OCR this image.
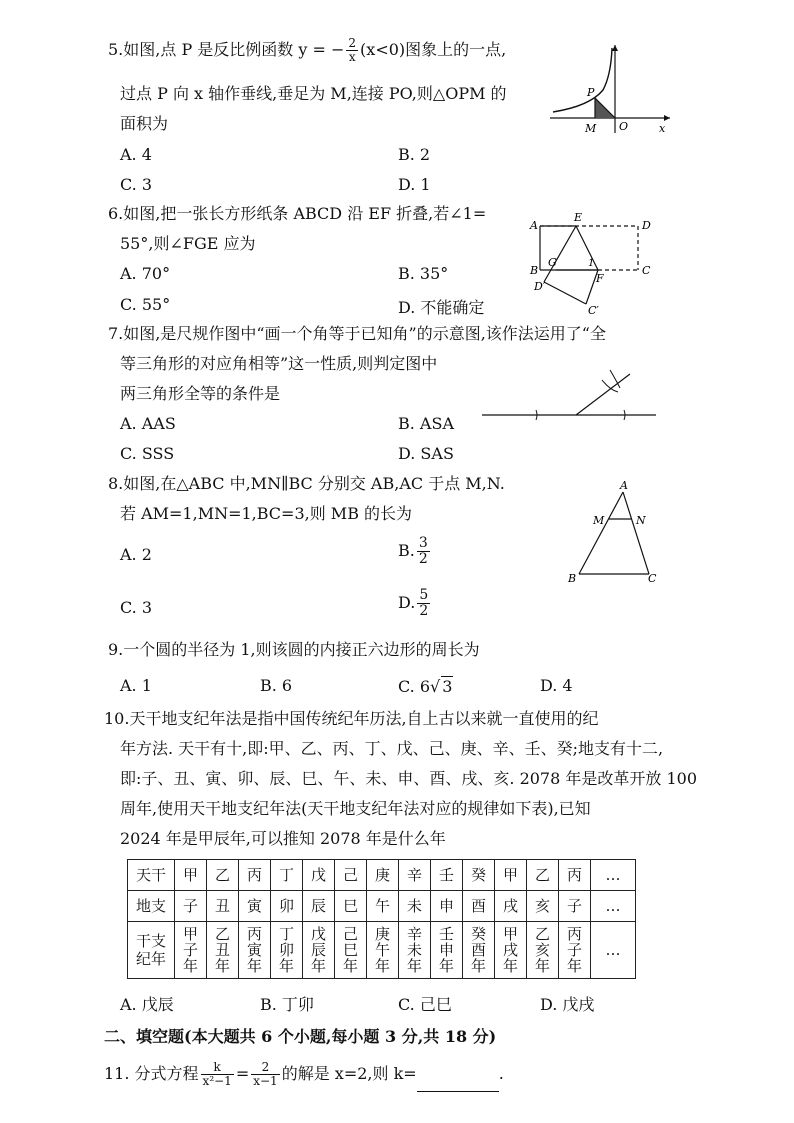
5.如图,点 P 是反比例函数 y = − $\frac{2}{x} (x<0)$图象上的一点,
过点 P 向 x 轴作垂线,垂足为 M,连接 PO,则△OPM 的
面积为
A. 4	B. 2
C. 3	D. 1
P
M O	x
6.如图,把一张长方形纸条 ABCD 沿 EF 折叠,若∠1=
55°,则∠FGE 应为
A. 70°	B. 35°
C. 55°	D. 不能确定
A
E
D
B
G	1
F
C
D′
C′
7.如图,是尺规作图中“画一个角等于已知角”的示意图,该作法运用了“全
等三角形的对应角相等”这一性质,则判定图中
两三角形全等的条件是
A. AAS	B. ASA
C. SSS	D. SAS
8.如图,在△ABC 中,MN∥BC 分别交 AB,AC 于点 M,N.
若 AM=1,MN=1,BC=3,则 MB 的长为
A. 2	B. $\frac{3}{2}$
C. 3	D. $\frac{5}{2}$
A
M	N
B	C
9.一个圆的半径为 1,则该圆的内接正六边形的周长为
A. 1	B. 6	C. 6√ 3	D. 4
10.天干地支纪年法是指中国传统纪年历法,自上古以来就一直使用的纪
年方法. 天干有十,即:甲、乙、丙、丁、戊、己、庚、辛、壬、癸;地支有十二,
即:子、丑、寅、卯、辰、巳、午、未、申、酉、戌、亥. 2078 年是改革开放 100
周年,使用天干地支纪年法(天干地支纪年法对应的规律如下表),已知
2024 年是甲辰年,可以推知 2078 年是什么年
天干	甲	乙	丙	丁	戊	己	庚	辛	壬	癸	甲	乙	丙	…
地支	子	丑	寅	卯	辰	巳	午	未	申	酉	戌	亥	子	…
干支
纪年	甲子年	乙丑年	丙寅年	丁卯年	戊辰年	己巳年	庚午年	辛未年	壬申年	癸酉年	甲戌年	乙亥年	丙子年	…
A. 戊辰	B. 丁卯	C. 己巳	D. 戊戌
二、填空题(本大题共 6 个小题,每小题 3 分,共 18 分)
11. 分式方程 $\frac{k}{\text{x²−1}} = \frac{2}{x-1}$ 的解是 x=2,则 k=	.
